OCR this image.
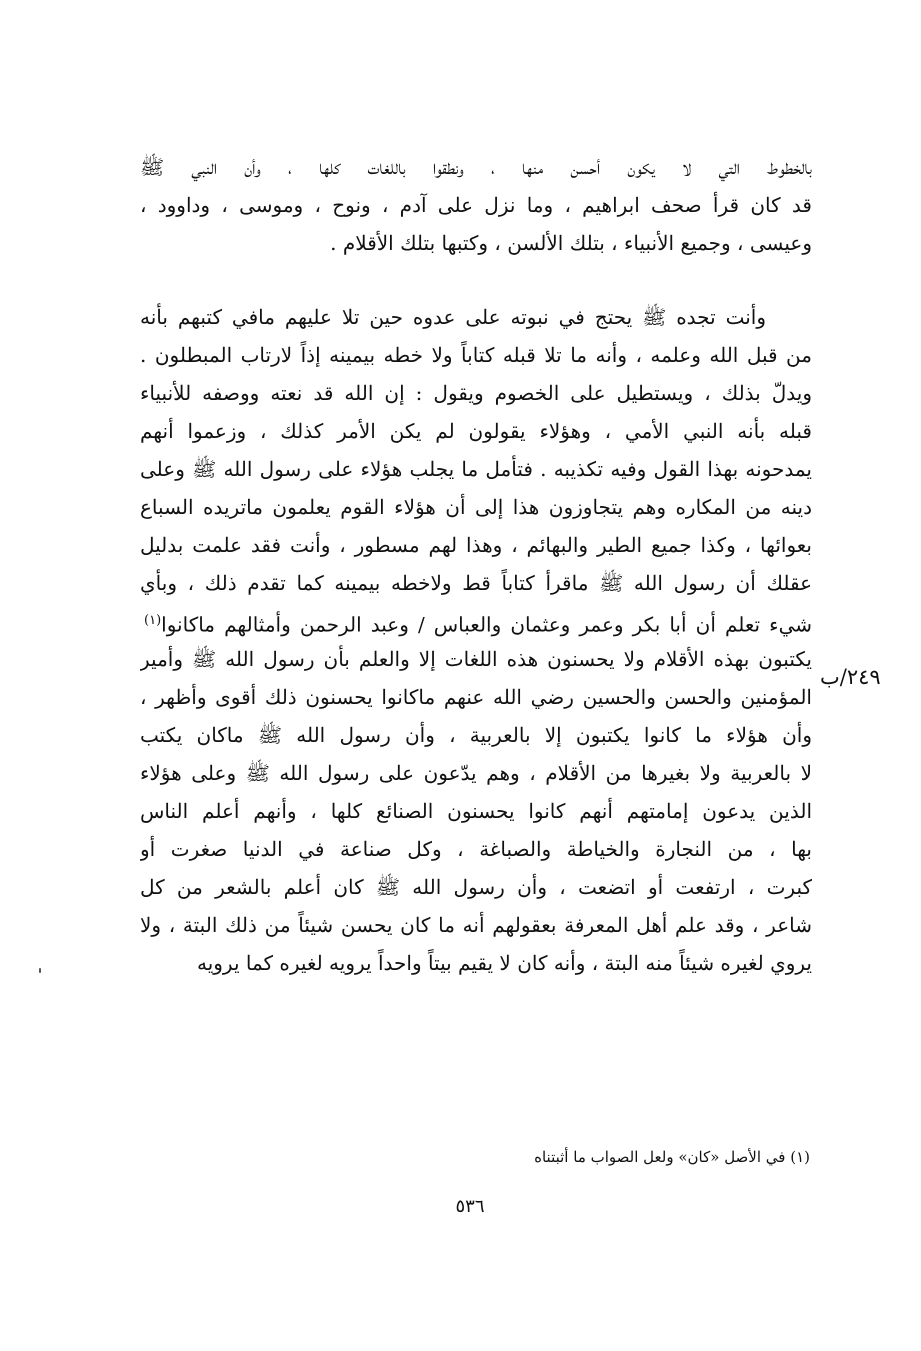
بالخطوط التي لا يكون أحسن منها ، ونطقوا باللغات كلها ، وأن النبي ﷺ
قد كان قرأ صحف ابراهيم ، وما نزل على آدم ، ونوح ، وموسى ، وداوود ،
وعيسى ، وجميع الأنبياء ، بتلك الألسن ، وكتبها بتلك الأقلام .
وأنت تجده ﷺ يحتج في نبوته على عدوه حين تلا عليهم مافي كتبهم بأنه
من قبل الله وعلمه ، وأنه ما تلا قبله كتاباً ولا خطه بيمينه إذاً لارتاب المبطلون .
ويدلّ بذلك ، ويستطيل على الخصوم ويقول : إن الله قد نعته ووصفه للأنبياء
قبله بأنه النبي الأمي ، وهؤلاء يقولون لم يكن الأمر كذلك ، وزعموا أنهم
يمدحونه بهذا القول وفيه تكذيبه . فتأمل ما يجلب هؤلاء على رسول الله ﷺ وعلى
دينه من المكاره وهم يتجاوزون هذا إلى أن هؤلاء القوم يعلمون ماتريده السباع
بعوائها ، وكذا جميع الطير والبهائم ، وهذا لهم مسطور ، وأنت فقد علمت بدليل
عقلك أن رسول الله ﷺ ماقرأ كتاباً قط ولاخطه بيمينه كما تقدم ذلك ، وبأي
شيء تعلم أن أبا بكر وعمر وعثمان والعباس / وعبد الرحمن وأمثالهم ماكانوا$^{(١)}$
يكتبون بهذه الأقلام ولا يحسنون هذه اللغات إلا والعلم بأن رسول الله ﷺ وأمير
المؤمنين والحسن والحسين رضي الله عنهم ماكانوا يحسنون ذلك أقوى وأظهر ،
وأن هؤلاء ما كانوا يكتبون إلا بالعربية ، وأن رسول الله ﷺ ماكان يكتب
لا بالعربية ولا بغيرها من الأقلام ، وهم يدّعون على رسول الله ﷺ وعلى هؤلاء
الذين يدعون إمامتهم أنهم كانوا يحسنون الصنائع كلها ، وأنهم أعلم الناس
بها ، من النجارة والخياطة والصباغة ، وكل صناعة في الدنيا صغرت أو
كبرت ، ارتفعت أو اتضعت ، وأن رسول الله ﷺ كان أعلم بالشعر من كل
شاعر ، وقد علم أهل المعرفة بعقولهم أنه ما كان يحسن شيئاً من ذلك البتة ، ولا
يروي لغيره شيئاً منه البتة ، وأنه كان لا يقيم بيتاً واحداً يرويه لغيره كما يرويه
٢٤٩/ب
(١) في الأصل «كان» ولعل الصواب ما أثبتناه
٥٣٦
